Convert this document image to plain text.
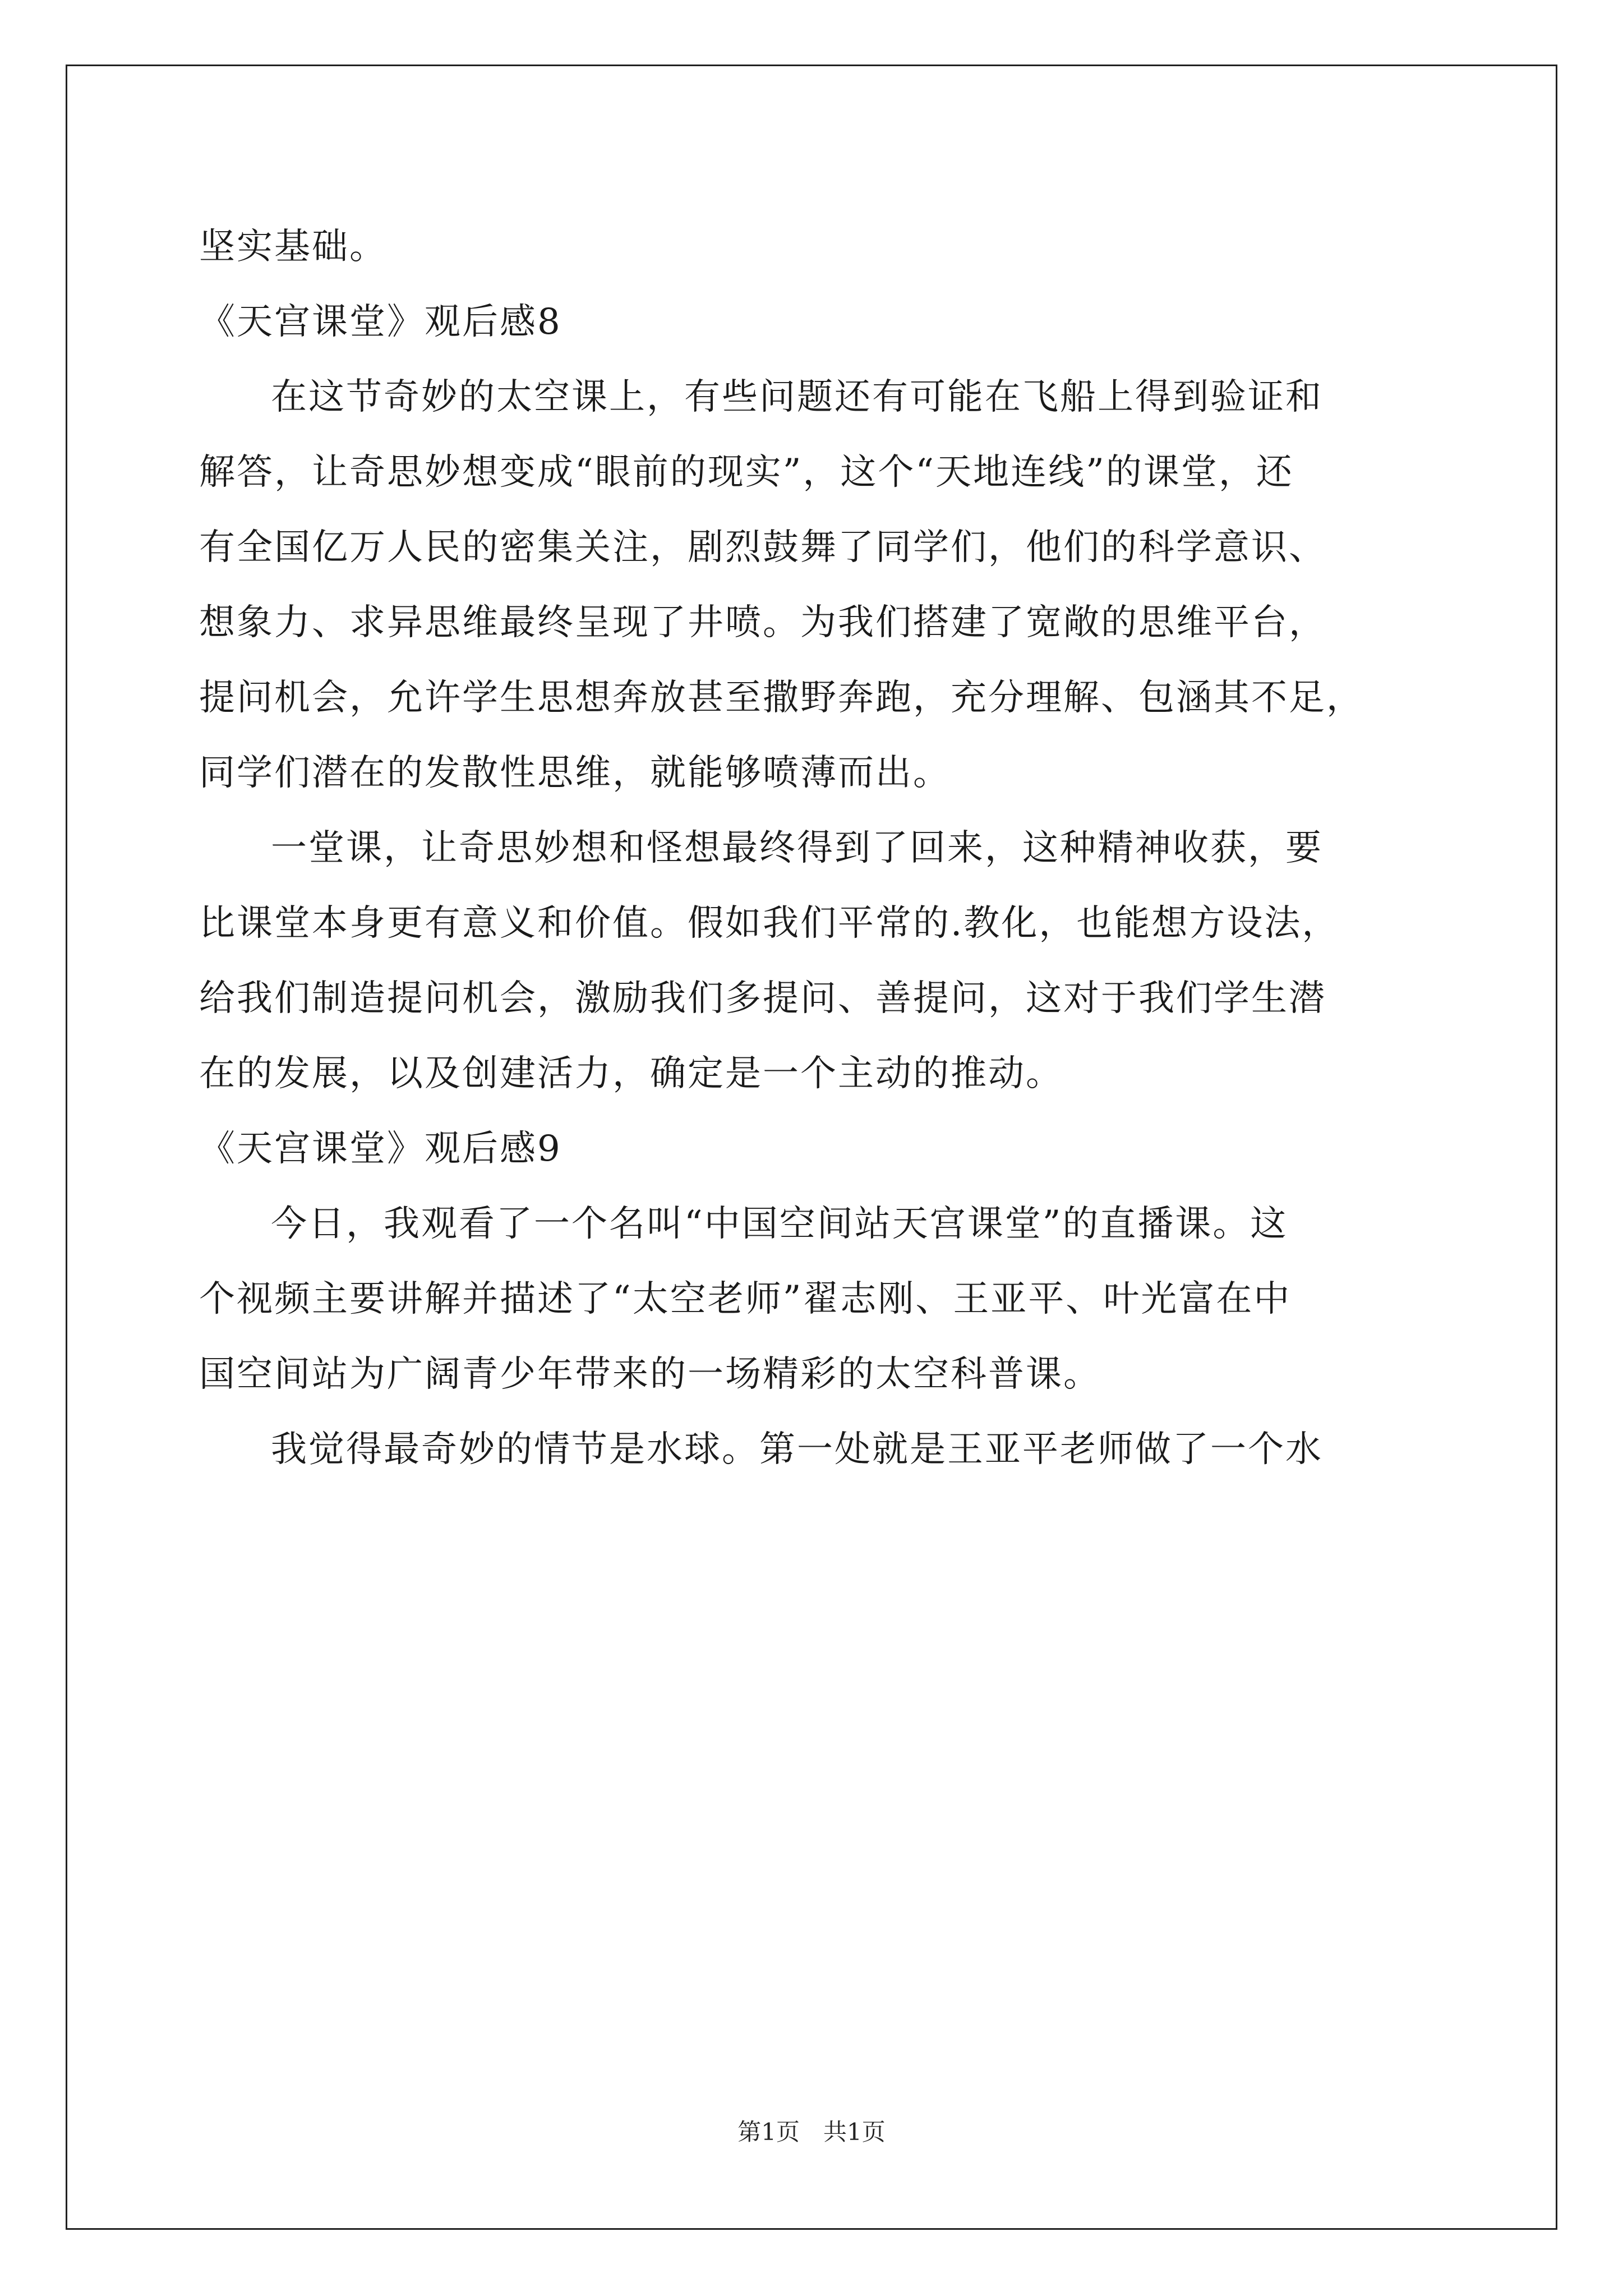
坚实基础。
《天宫课堂》观后感8
在这节奇妙的太空课上，有些问题还有可能在飞船上得到验证和
解答，让奇思妙想变成“眼前的现实”，这个“天地连线”的课堂，还
有全国亿万人民的密集关注，剧烈鼓舞了同学们，他们的科学意识、
想象力、求异思维最终呈现了井喷。为我们搭建了宽敞的思维平台，
提问机会，允许学生思想奔放甚至撒野奔跑，充分理解、包涵其不足，
同学们潜在的发散性思维，就能够喷薄而出。
一堂课，让奇思妙想和怪想最终得到了回来，这种精神收获，要
比课堂本身更有意义和价值。假如我们平常的.教化，也能想方设法，
给我们制造提问机会，激励我们多提问、善提问，这对于我们学生潜
在的发展，以及创建活力，确定是一个主动的推动。
《天宫课堂》观后感9
今日，我观看了一个名叫“中国空间站天宫课堂”的直播课。这
个视频主要讲解并描述了“太空老师”翟志刚、王亚平、叶光富在中
国空间站为广阔青少年带来的一场精彩的太空科普课。
我觉得最奇妙的情节是水球。第一处就是王亚平老师做了一个水
第1页　共1页
